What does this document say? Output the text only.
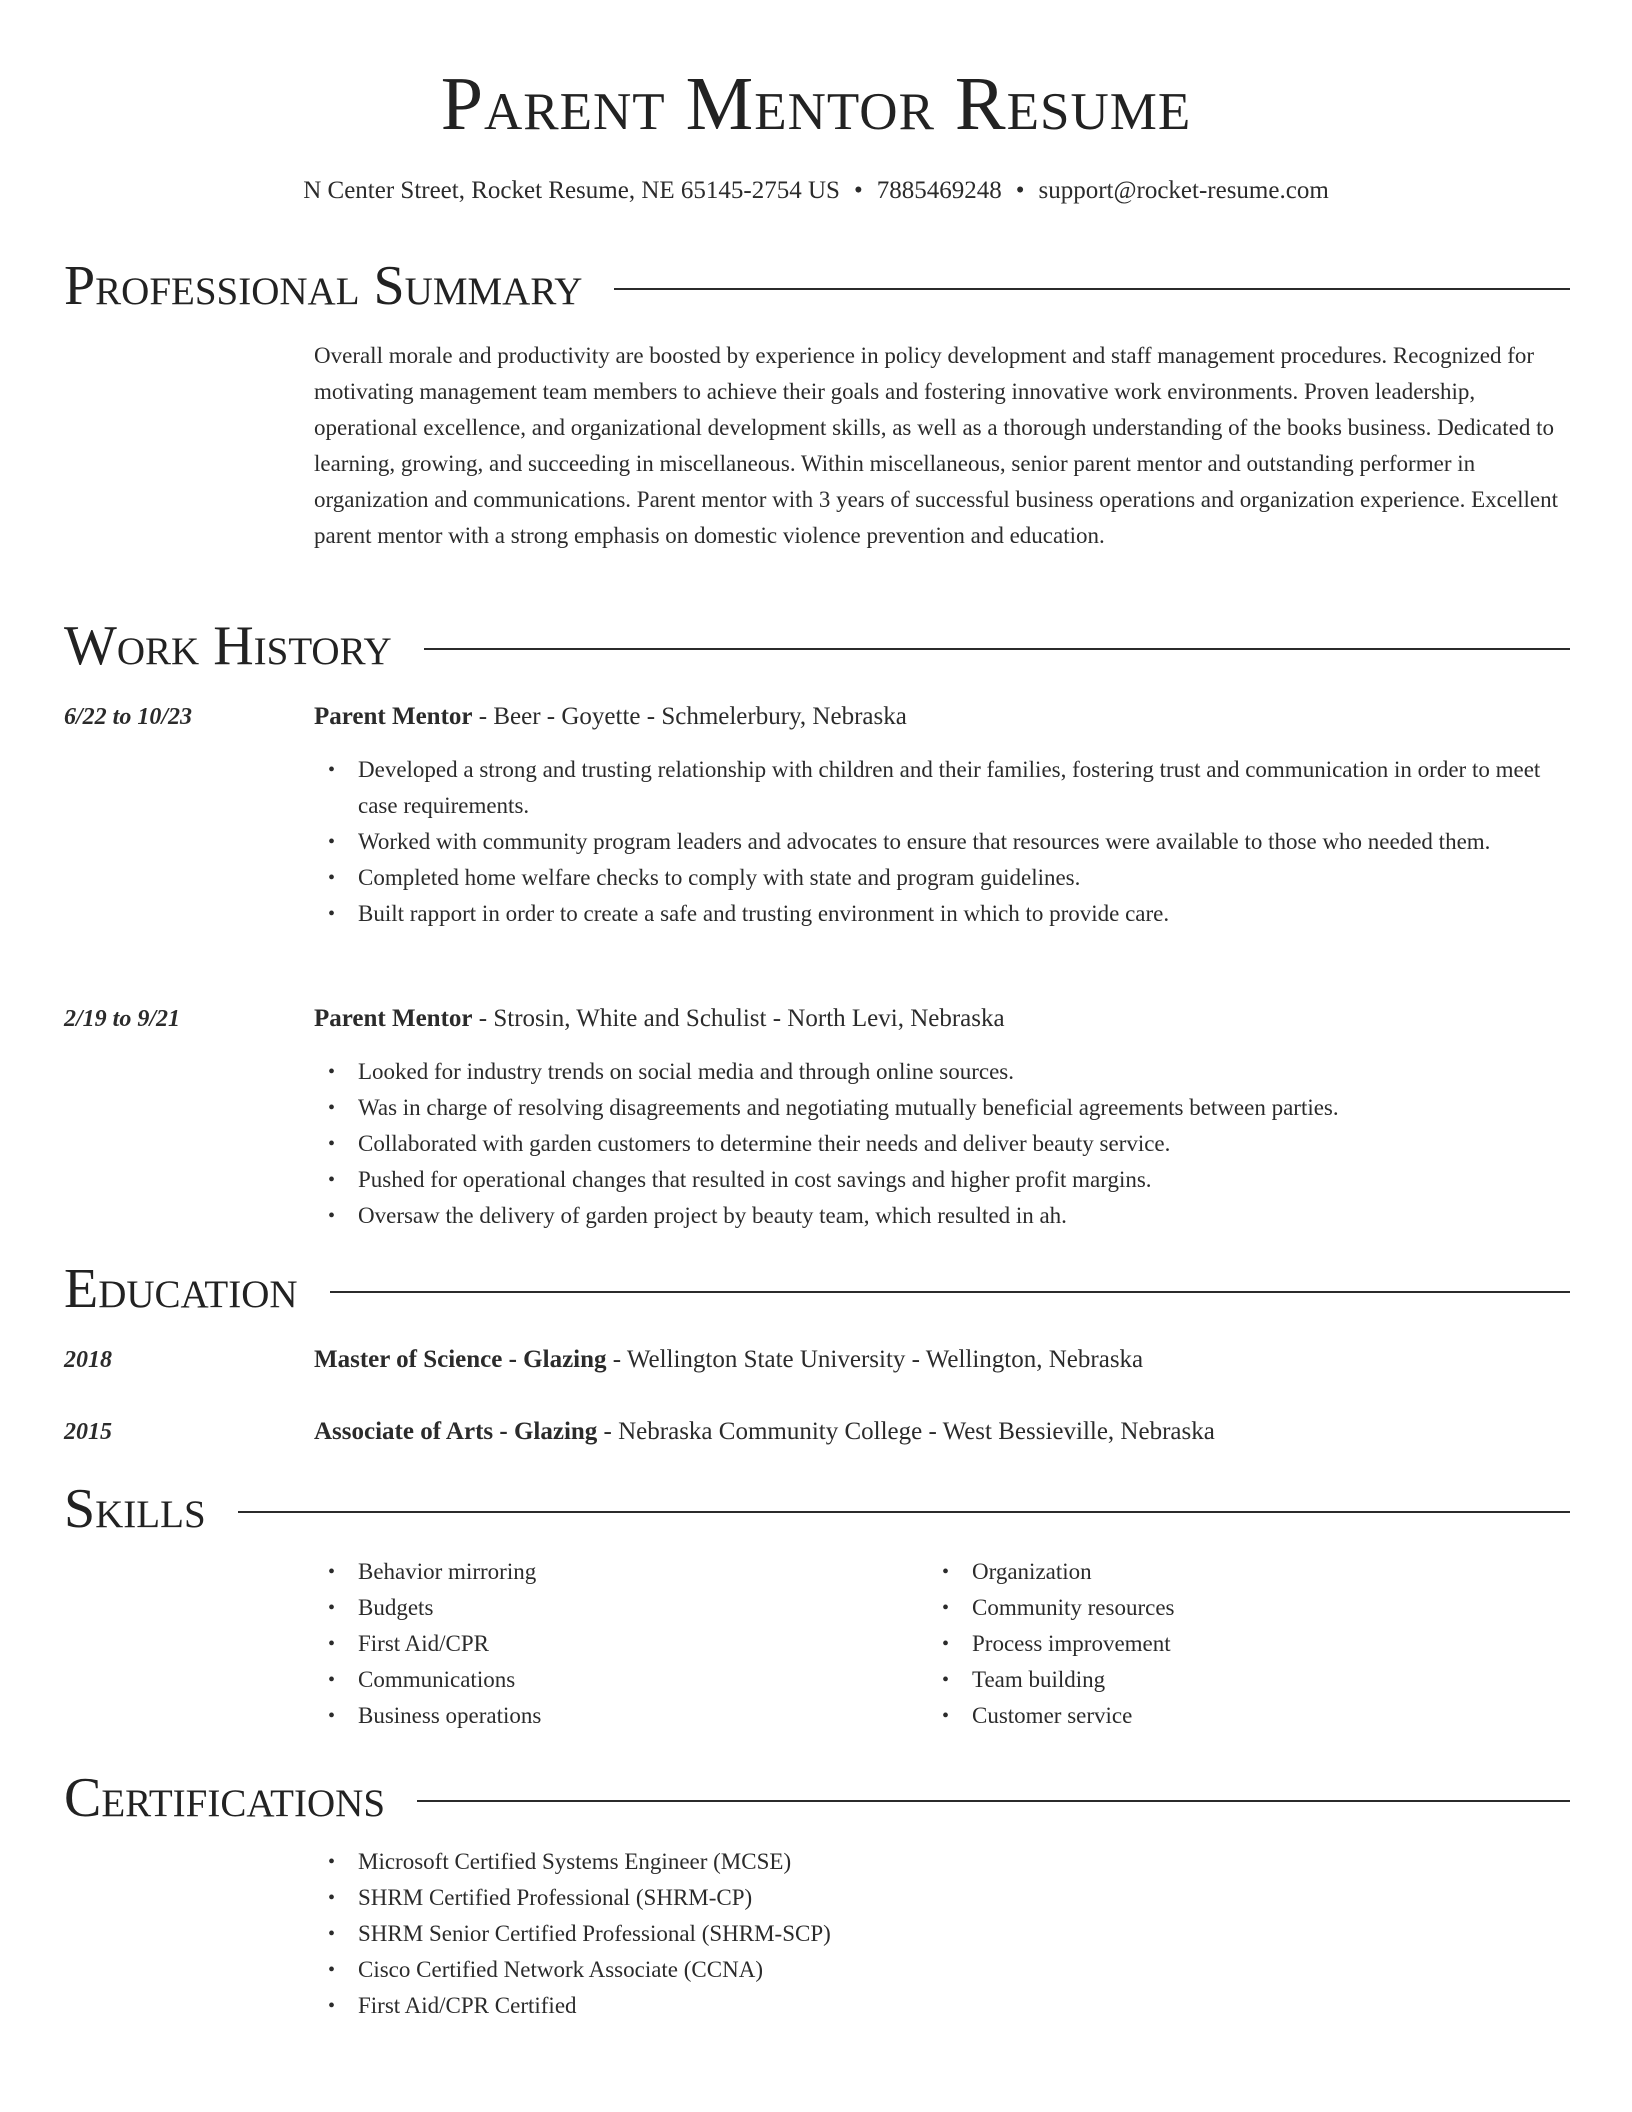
Parent Mentor Resume
N Center Street, Rocket Resume, NE 65145-2754 US • 7885469248 • support@rocket-resume.com
Professional Summary
Overall morale and productivity are boosted by experience in policy development and staff management procedures. Recognized for motivating management team members to achieve their goals and fostering innovative work environments. Proven leadership, operational excellence, and organizational development skills, as well as a thorough understanding of the books business. Dedicated to learning, growing, and succeeding in miscellaneous. Within miscellaneous, senior parent mentor and outstanding performer in organization and communications. Parent mentor with 3 years of successful business operations and organization experience. Excellent parent mentor with a strong emphasis on domestic violence prevention and education.
Work History
6/22 to 10/23	Parent Mentor - Beer - Goyette - Schmelerbury, Nebraska
• Developed a strong and trusting relationship with children and their families, fostering trust and communication in order to meet case requirements.
• Worked with community program leaders and advocates to ensure that resources were available to those who needed them.
• Completed home welfare checks to comply with state and program guidelines.
• Built rapport in order to create a safe and trusting environment in which to provide care.
2/19 to 9/21	Parent Mentor - Strosin, White and Schulist - North Levi, Nebraska
• Looked for industry trends on social media and through online sources.
• Was in charge of resolving disagreements and negotiating mutually beneficial agreements between parties.
• Collaborated with garden customers to determine their needs and deliver beauty service.
• Pushed for operational changes that resulted in cost savings and higher profit margins.
• Oversaw the delivery of garden project by beauty team, which resulted in ah.
Education
2018	Master of Science - Glazing - Wellington State University - Wellington, Nebraska
2015	Associate of Arts - Glazing - Nebraska Community College - West Bessieville, Nebraska
Skills
• Behavior mirroring
• Budgets
• First Aid/CPR
• Communications
• Business operations
• Organization
• Community resources
• Process improvement
• Team building
• Customer service
Certifications
• Microsoft Certified Systems Engineer (MCSE)
• SHRM Certified Professional (SHRM-CP)
• SHRM Senior Certified Professional (SHRM-SCP)
• Cisco Certified Network Associate (CCNA)
• First Aid/CPR Certified
